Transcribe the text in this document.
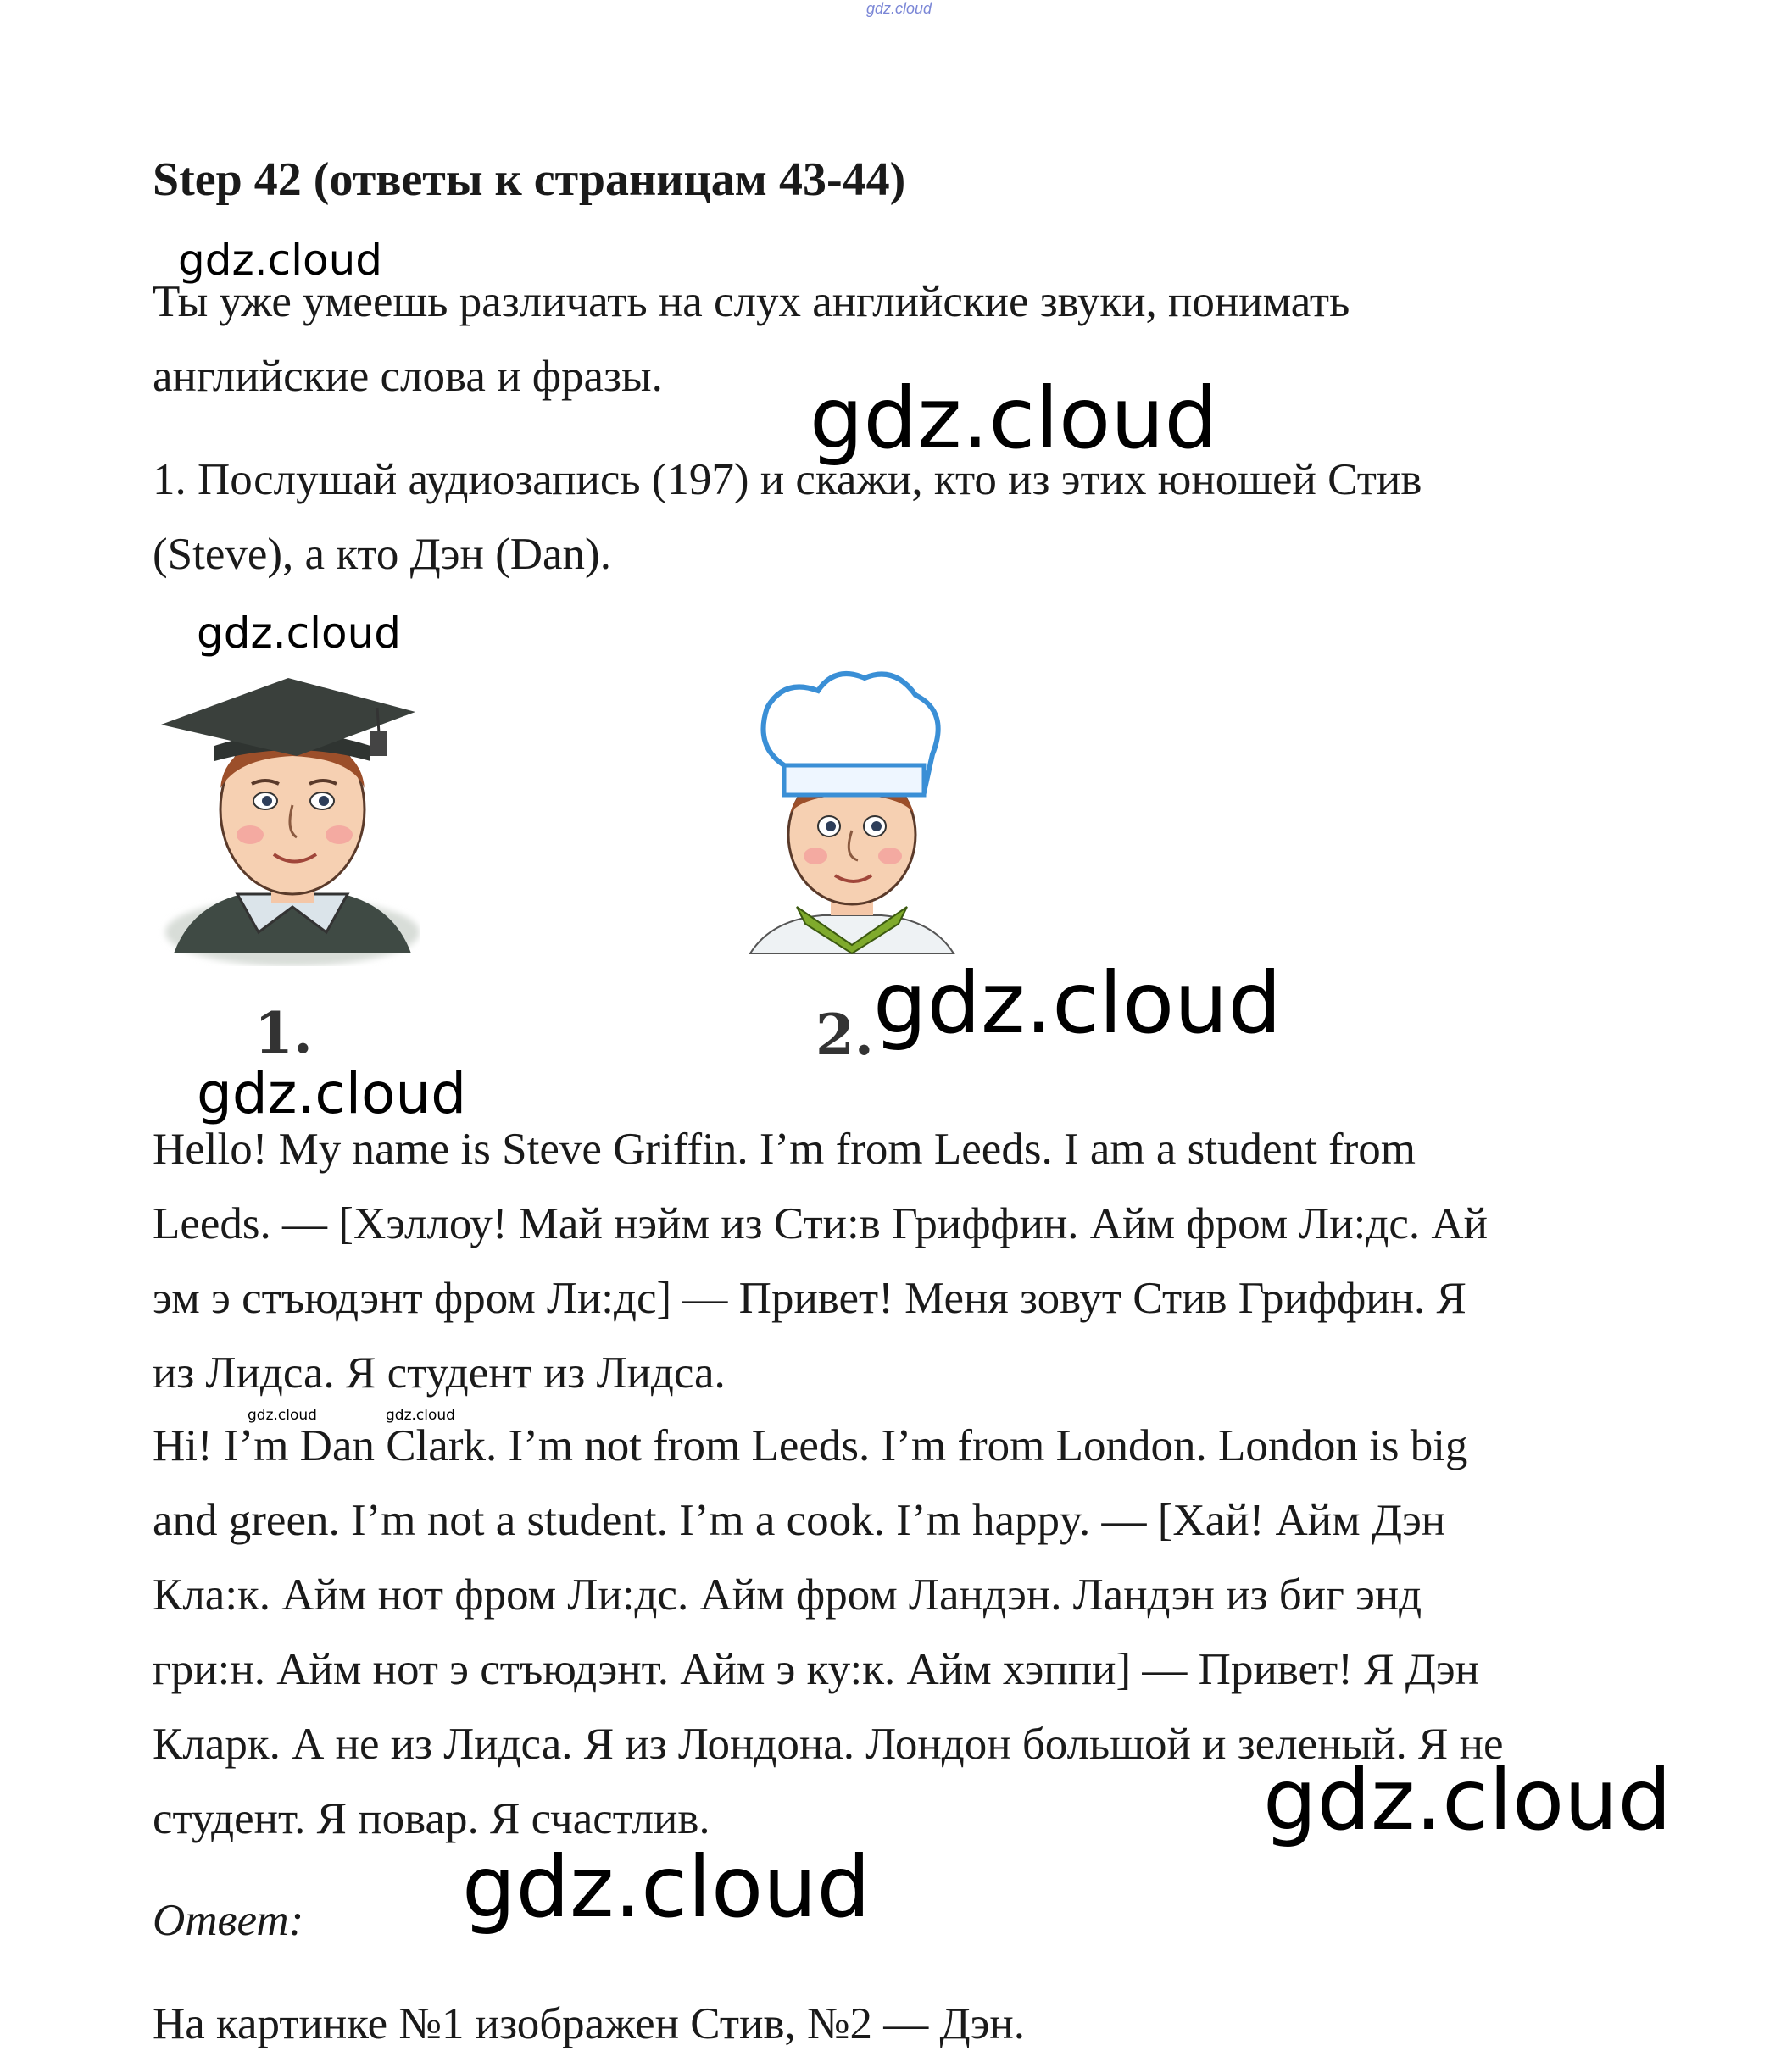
gdz.cloud
Step 42 (ответы к страницам 43-44)
gdz.cloud
Ты уже умеешь различать на слух английские звуки, понимать
английские слова и фразы.	gdz.cloud
1. Послушай аудиозапись (197) и скажи, кто из этих юношей Стив
(Steve), а кто Дэн (Dan).
gdz.cloud
1.	2. gdz.cloud
gdz.cloud
Hello! My name is Steve Griffin. I’m from Leeds. I am a student from
Leeds. — [Хэллоу! Май нэйм из Сти:в Гриффин. Айм фром Ли:дс. Ай
эм э стъюдэнт фром Ли:дс] — Привет! Меня зовут Стив Гриффин. Я
из Лидса. Я студент из Лидса.
gdz.cloud	gdz.cloud
Hi! I’m Dan Clark. I’m not from Leeds. I’m from London. London is big
and green. I’m not a student. I’m a cook. I’m happy. — [Хай! Айм Дэн
Кла:к. Айм нот фром Ли:дс. Айм фром Ландэн. Ландэн из биг энд
гри:н. Айм нот э стъюдэнт. Айм э ку:к. Айм хэппи] — Привет! Я Дэн
Кларк. А не из Лидса. Я из Лондона. Лондон большой и зеленый. Я не
студент. Я повар. Я счастлив.	gdz.cloud
gdz.cloud
Ответ:
На картинке №1 изображен Стив, №2 — Дэн.
